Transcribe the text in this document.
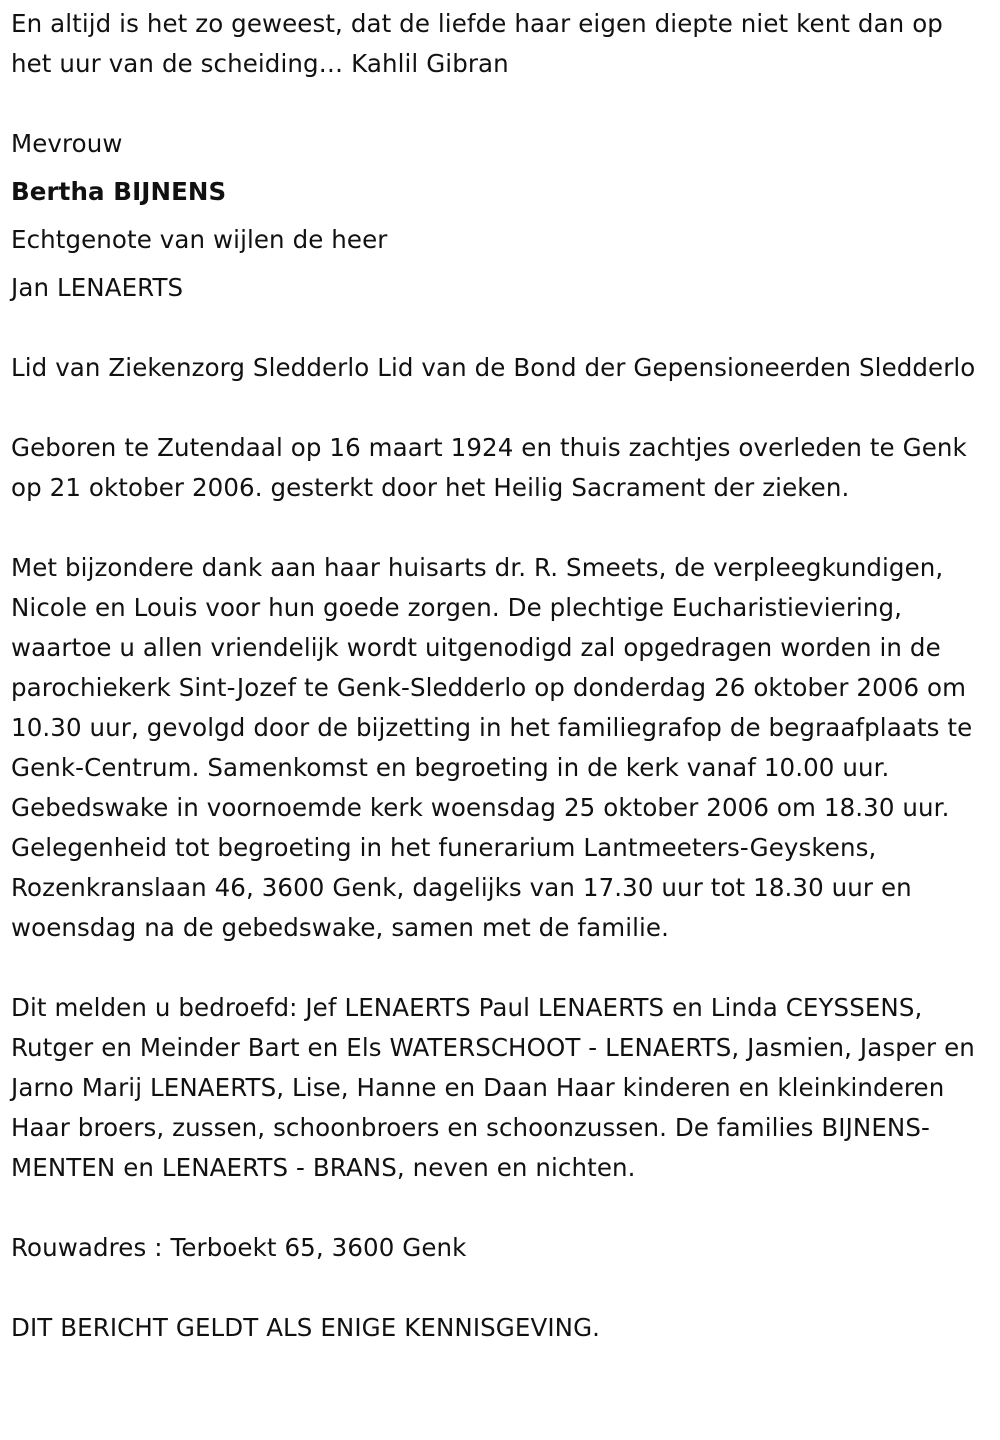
En altijd is het zo geweest, dat de liefde haar eigen diepte niet kent dan op het uur van de scheiding… Kahlil Gibran

Mevrouw

Bertha BIJNENS

Echtgenote van wijlen de heer

Jan LENAERTS

Lid van Ziekenzorg Sledderlo Lid van de Bond der Gepensioneerden Sledderlo

Geboren te Zutendaal op 16 maart 1924 en thuis zachtjes overleden te Genk op 21 oktober 2006. gesterkt door het Heilig Sacrament der zieken.

Met bijzondere dank aan haar huisarts dr. R. Smeets, de verpleegkundigen, Nicole en Louis voor hun goede zorgen. De plechtige Eucharistieviering, waartoe u allen vriendelijk wordt uitgenodigd zal opgedragen worden in de parochiekerk Sint-Jozef te Genk-Sledderlo op donderdag 26 oktober 2006 om 10.30 uur, gevolgd door de bijzetting in het familiegrafop de begraafplaats te Genk-Centrum. Samenkomst en begroeting in de kerk vanaf 10.00 uur. Gebedswake in voornoemde kerk woensdag 25 oktober 2006 om 18.30 uur. Gelegenheid tot begroeting in het funerarium Lantmeeters-Geyskens, Rozenkranslaan 46, 3600 Genk, dagelijks van 17.30 uur tot 18.30 uur en woensdag na de gebedswake, samen met de familie.

Dit melden u bedroefd: Jef LENAERTS Paul LENAERTS en Linda CEYSSENS, Rutger en Meinder Bart en Els WATERSCHOOT - LENAERTS, Jasmien, Jasper en Jarno Marij LENAERTS, Lise, Hanne en Daan Haar kinderen en kleinkinderen Haar broers, zussen, schoonbroers en schoonzussen. De families BIJNENS- MENTEN en LENAERTS - BRANS, neven en nichten.

Rouwadres : Terboekt 65, 3600 Genk

DIT BERICHT GELDT ALS ENIGE KENNISGEVING.
